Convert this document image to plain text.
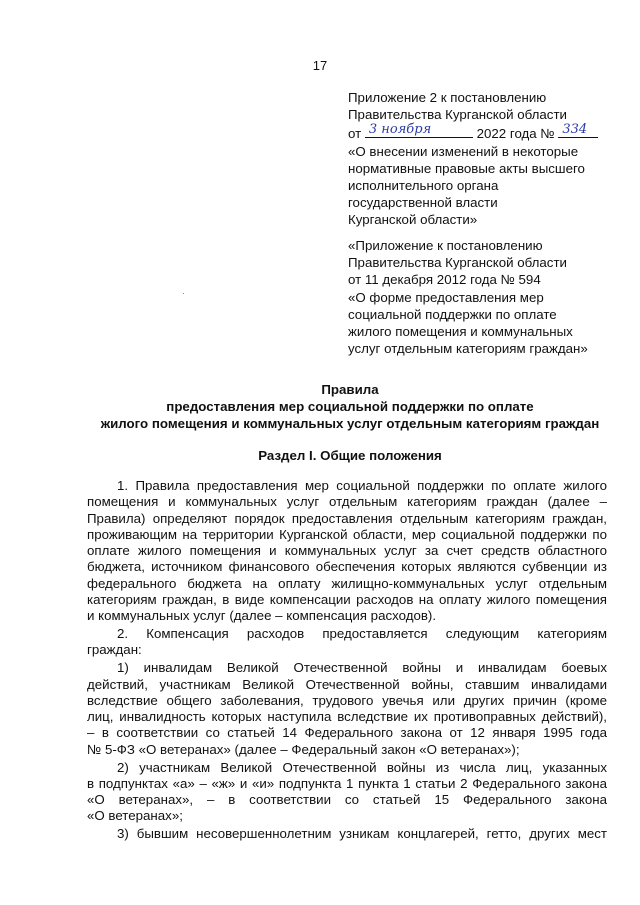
17
Приложение 2 к постановлению
Правительства Курганской области
от 3 ноября	2022 года № 334
«О внесении изменений в некоторые
нормативные правовые акты высшего
исполнительного органа
государственной власти
Курганской области»
«Приложение к постановлению
Правительства Курганской области
от 11 декабря 2012 года № 594
«О форме предоставления мер
социальной поддержки по оплате
жилого помещения и коммунальных
услуг отдельным категориям граждан»
Правила
предоставления мер социальной поддержки по оплате
жилого помещения и коммунальных услуг отдельным категориям граждан
Раздел I. Общие положения
1. Правила предоставления мер социальной поддержки по оплате жилого
помещения и коммунальных услуг отдельным категориям граждан (далее –
Правила) определяют порядок предоставления отдельным категориям граждан,
проживающим на территории Курганской области, мер социальной поддержки по
оплате жилого помещения и коммунальных услуг за счет средств областного
бюджета, источником финансового обеспечения которых являются субвенции из
федерального бюджета на оплату жилищно-коммунальных услуг отдельным
категориям граждан, в виде компенсации расходов на оплату жилого помещения
и коммунальных услуг (далее – компенсация расходов).
2. Компенсация расходов предоставляется следующим категориям
граждан:
1) инвалидам Великой Отечественной войны и инвалидам боевых
действий, участникам Великой Отечественной войны, ставшим инвалидами
вследствие общего заболевания, трудового увечья или других причин (кроме
лиц, инвалидность которых наступила вследствие их противоправных действий),
– в соответствии со статьей 14 Федерального закона от 12 января 1995 года
№ 5-ФЗ «О ветеранах» (далее – Федеральный закон «О ветеранах»);
2) участникам Великой Отечественной войны из числа лиц, указанных
в подпунктах «а» – «ж» и «и» подпункта 1 пункта 1 статьи 2 Федерального закона
«О ветеранах», – в соответствии со статьей 15 Федерального закона
«О ветеранах»;
3) бывшим несовершеннолетним узникам концлагерей, гетто, других мест
